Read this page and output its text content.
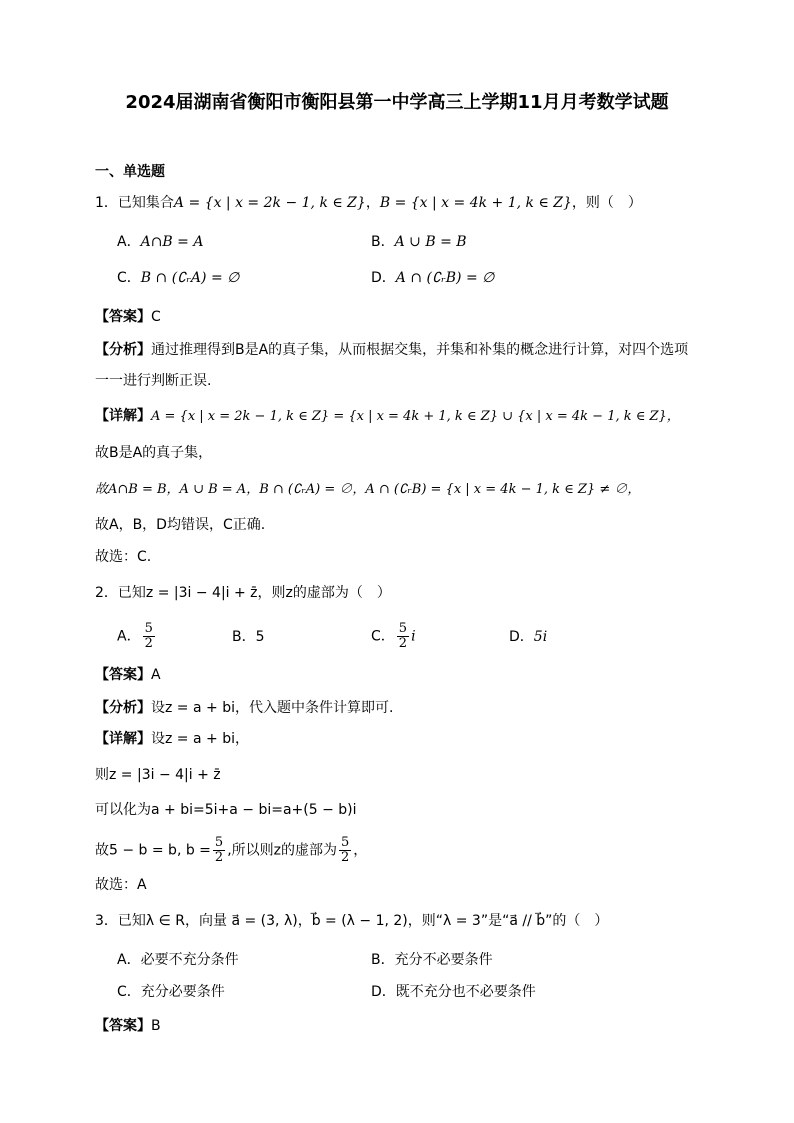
2024届湖南省衡阳市衡阳县第一中学高三上学期11月月考数学试题
一、单选题
1．已知集合A = {x | x = 2k − 1, k ∈ Z}，B = {x | x = 4k + 1, k ∈ Z}，则（　）
A．A∩B = A	B．A ∪ B = B
C．B ∩ (∁ᵣA) = ∅	D．A ∩ (∁ᵣB) = ∅
【答案】C
【分析】通过推理得到B是A的真子集，从而根据交集，并集和补集的概念进行计算，对四个选项
一一进行判断正误.
【详解】A = {x | x = 2k − 1, k ∈ Z} = {x | x = 4k + 1, k ∈ Z} ∪ {x | x = 4k − 1, k ∈ Z}，
故B是A的真子集，
故A∩B = B，A ∪ B = A，B ∩ (∁ᵣA) = ∅，A ∩ (∁ᵣB) = {x | x = 4k − 1, k ∈ Z} ≠ ∅，
故A，B，D均错误，C正确.
故选：C.
2．已知z = |3i − 4|i + z̄，则z的虚部为（　）
A． $\frac{5}{2}$	B．5	C． $\frac{5}{2}$ i	D．5i
【答案】A
【分析】设z = a + bi，代入题中条件计算即可.
【详解】设z = a + bi，
则z = |3i − 4|i + z̄
可以化为a + bi=5i+a − bi=a+(5 − b)i
故5 − b = b, $b = \frac{5}{2}$ ,所以则z的虚部为 $\frac{5}{2}$ ，
故选：A
3．已知λ ∈ R，向量 a⃗ = (3, λ)，b⃗ = (λ − 1, 2)，则“λ = 3”是“a⃗ // b⃗”的（　）
A．必要不充分条件	B．充分不必要条件
C．充分必要条件	D．既不充分也不必要条件
【答案】B
